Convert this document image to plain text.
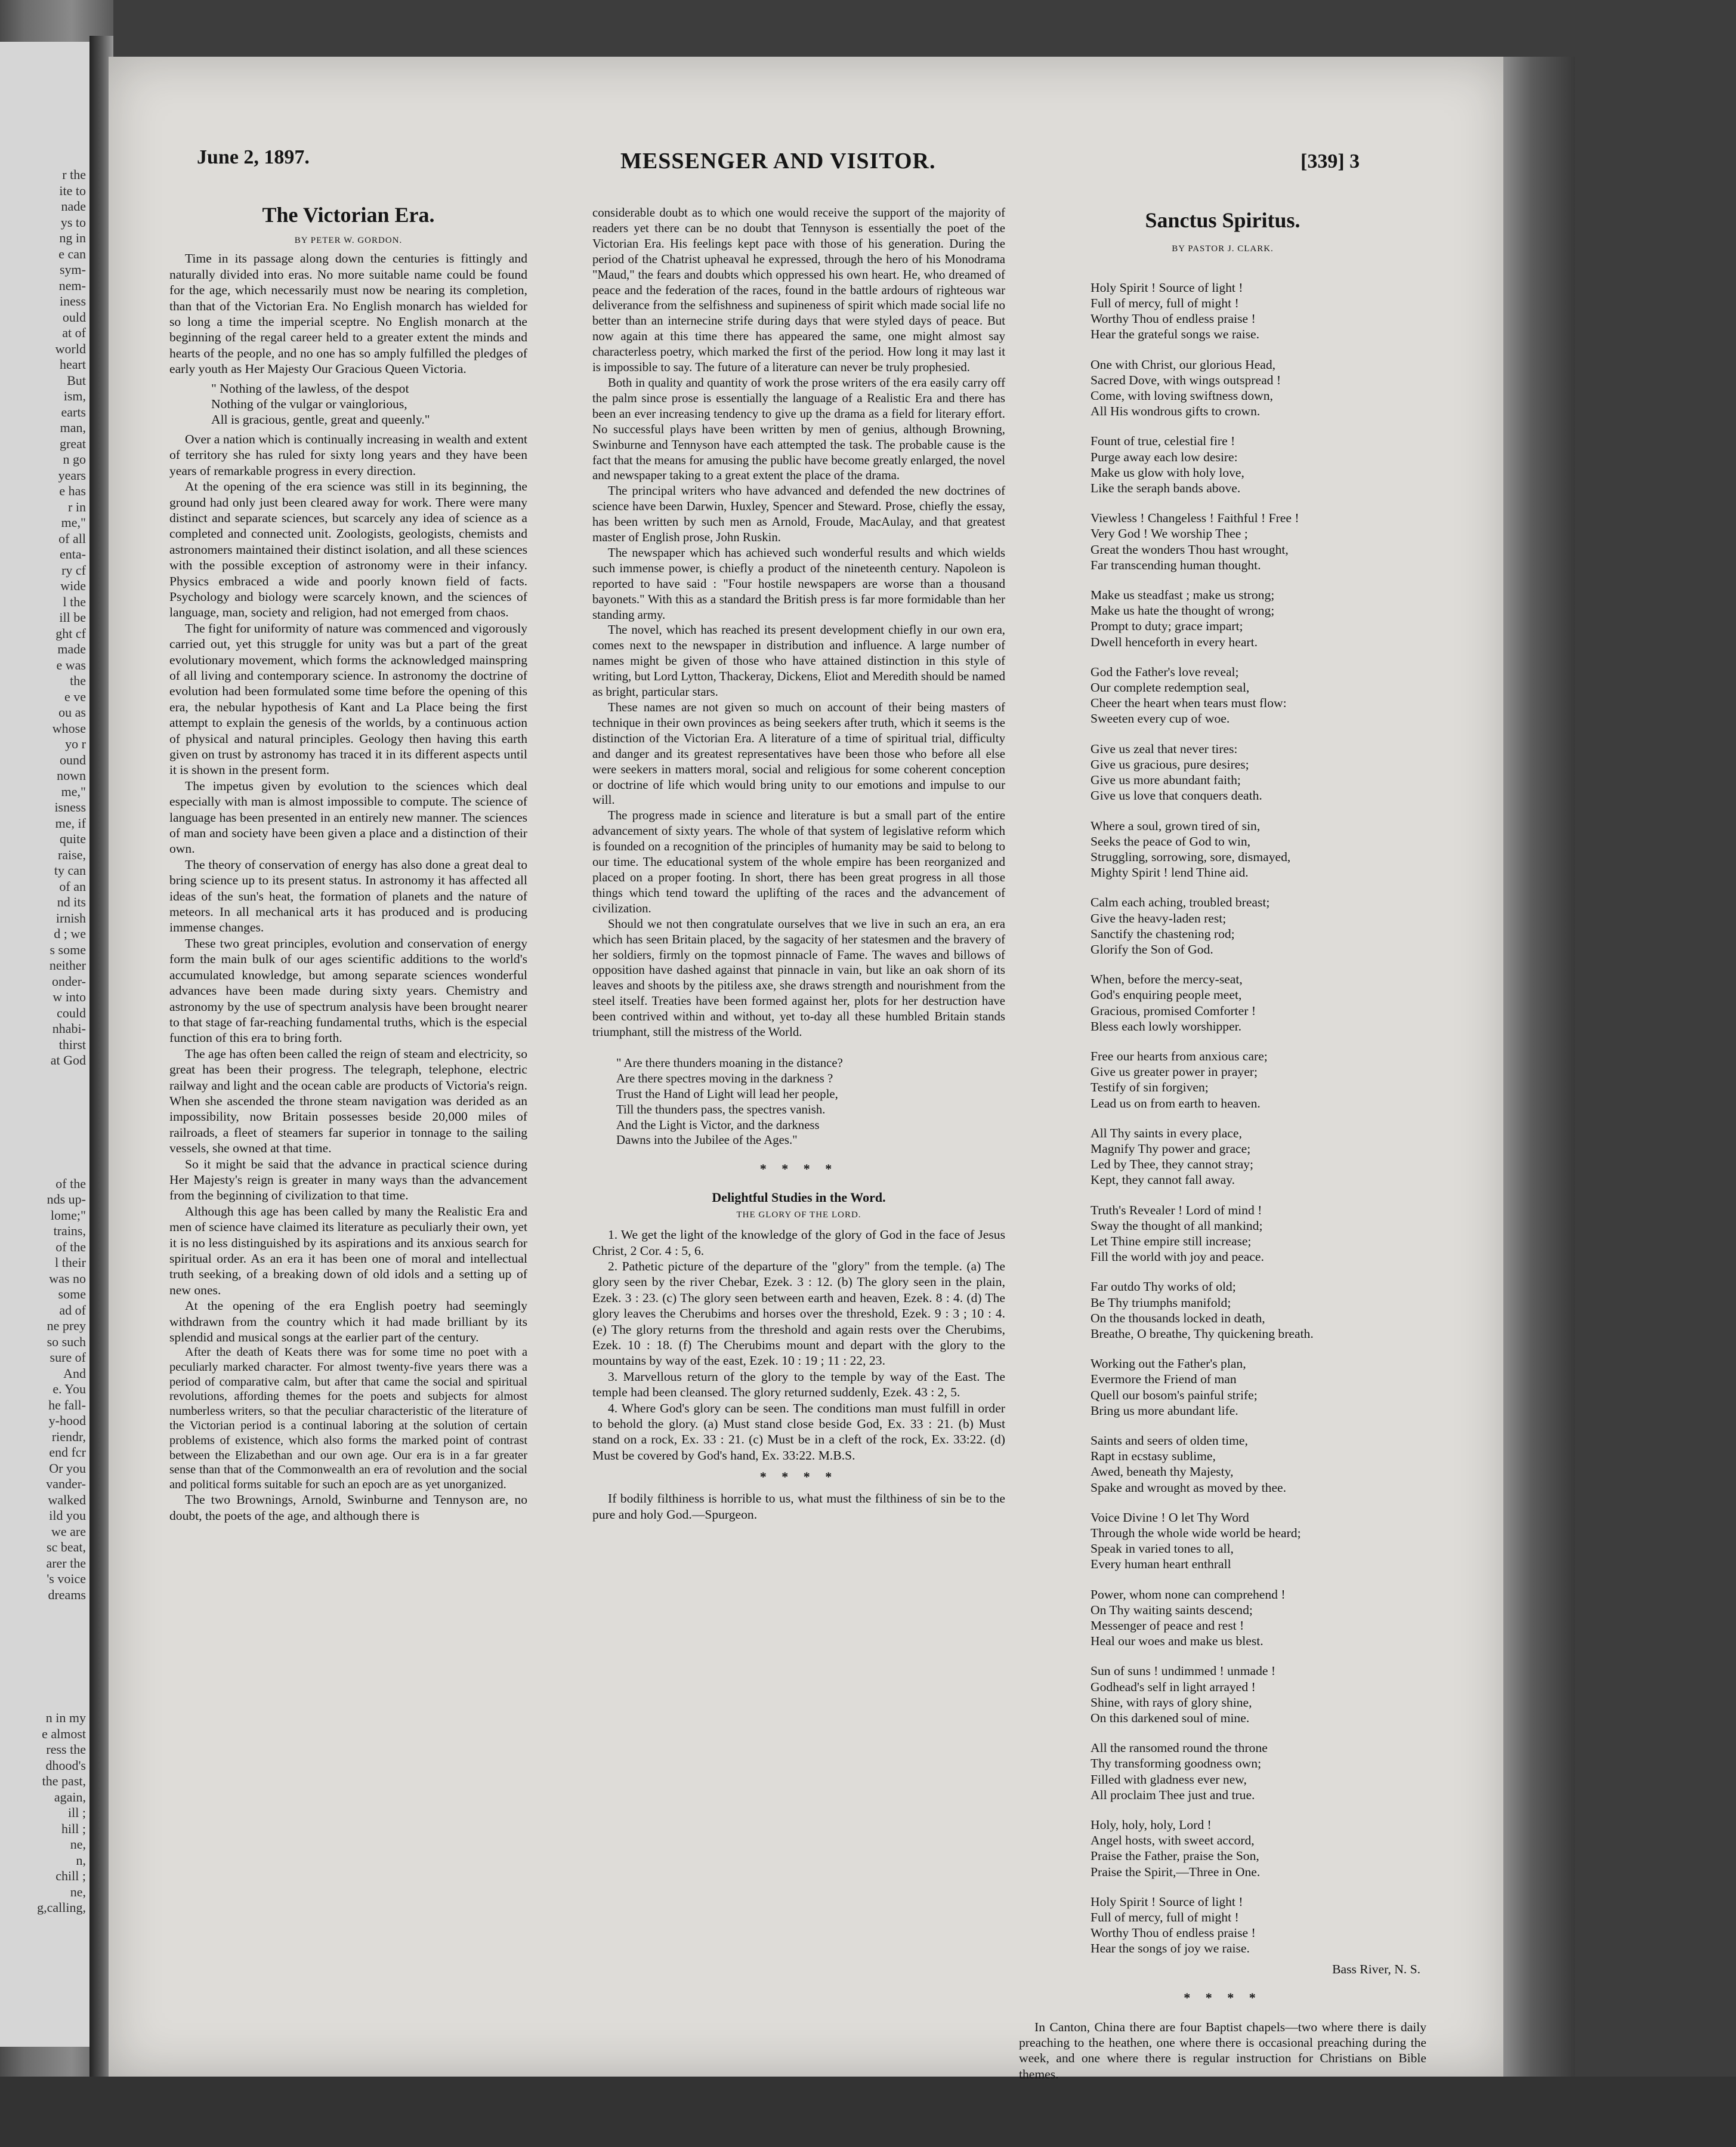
r the
ite to
nade
ys to
ng in
e can
sym-
nem-
iness
ould
at of
world
heart
But
ism,
earts
man,
great
n go
years
e has
r in
me,"
of all
enta-
ry cf
wide
l the
ill be
ght cf
made
e was
the
e ve
ou as
whose
yo r
ound
nown
me,"
isness
me, if
quite
raise,
ty can
of an
nd its
irnish
d ; we
s some
neither
onder-
w into
could
nhabi-
thirst
at God
of the
nds up-
lome;"
trains,
of the
l their
was no
some
ad of
ne prey
so such
sure of
And
e. You
he fall-
y-hood
riendr,
end fcr
Or you
vander-
walked
ild you
we are
sc beat,
arer the
's voice
dreams
n in my
e almost
ress the
dhood's
the past,
again,
ill ;
hill ;
ne,
n,
chill ;
ne,
g,calling,
June 2, 1897.	MESSENGER AND VISITOR.	[339] 3
The Victorian Era.
BY PETER W. GORDON.

Time in its passage along down the centuries is fittingly and naturally divided into eras. No more suitable name could be found for the age, which necessarily must now be nearing its completion, than that of the Victorian Era. No English monarch has wielded for so long a time the imperial sceptre. No English monarch at the beginning of the regal career held to a greater extent the minds and hearts of the people, and no one has so amply fulfilled the pledges of early youth as Her Majesty Our Gracious Queen Victoria.

" Nothing of the lawless, of the despot
Nothing of the vulgar or vainglorious,
All is gracious, gentle, great and queenly."

Over a nation which is continually increasing in wealth and extent of territory she has ruled for sixty long years and they have been years of remarkable progress in every direction.

At the opening of the era science was still in its beginning, the ground had only just been cleared away for work. There were many distinct and separate sciences, but scarcely any idea of science as a completed and connected unit. Zoologists, geologists, chemists and astronomers maintained their distinct isolation, and all these sciences with the possible exception of astronomy were in their infancy. Physics embraced a wide and poorly known field of facts. Psychology and biology were scarcely known, and the sciences of language, man, society and religion, had not emerged from chaos.

The fight for uniformity of nature was commenced and vigorously carried out, yet this struggle for unity was but a part of the great evolutionary movement, which forms the acknowledged mainspring of all living and contemporary science. In astronomy the doctrine of evolution had been formulated some time before the opening of this era, the nebular hypothesis of Kant and La Place being the first attempt to explain the genesis of the worlds, by a continuous action of physical and natural principles. Geology then having this earth given on trust by astronomy has traced it in its different aspects until it is shown in the present form.

The impetus given by evolution to the sciences which deal especially with man is almost impossible to compute. The science of language has been presented in an entirely new manner. The sciences of man and society have been given a place and a distinction of their own.

The theory of conservation of energy has also done a great deal to bring science up to its present status. In astronomy it has affected all ideas of the sun's heat, the formation of planets and the nature of meteors. In all mechanical arts it has produced and is producing immense changes.

These two great principles, evolution and conservation of energy form the main bulk of our ages scientific additions to the world's accumulated knowledge, but among separate sciences wonderful advances have been made during sixty years. Chemistry and astronomy by the use of spectrum analysis have been brought nearer to that stage of far-reaching fundamental truths, which is the especial function of this era to bring forth.

The age has often been called the reign of steam and electricity, so great has been their progress. The telegraph, telephone, electric railway and light and the ocean cable are products of Victoria's reign. When she ascended the throne steam navigation was derided as an impossibility, now Britain possesses beside 20,000 miles of railroads, a fleet of steamers far superior in tonnage to the sailing vessels, she owned at that time.

So it might be said that the advance in practical science during Her Majesty's reign is greater in many ways than the advancement from the beginning of civilization to that time.

Although this age has been called by many the Realistic Era and men of science have claimed its literature as peculiarly their own, yet it is no less distinguished by its aspirations and its anxious search for spiritual order. As an era it has been one of moral and intellectual truth seeking, of a breaking down of old idols and a setting up of new ones.

At the opening of the era English poetry had seemingly withdrawn from the country which it had made brilliant by its splendid and musical songs at the earlier part of the century.

After the death of Keats there was for some time no poet with a peculiarly marked character. For almost twenty-five years there was a period of comparative calm, but after that came the social and spiritual revolutions, affording themes for the poets and subjects for almost numberless writers, so that the peculiar characteristic of the literature of the Victorian period is a continual laboring at the solution of certain problems of existence, which also forms the marked point of contrast between the Elizabethan and our own age. Our era is in a far greater sense than that of the Commonwealth an era of revolution and the social and political forms suitable for such an epoch are as yet unorganized.

The two Brownings, Arnold, Swinburne and Tennyson are, no doubt, the poets of the age, and although there is

considerable doubt as to which one would receive the support of the majority of readers yet there can be no doubt that Tennyson is essentially the poet of the Victorian Era. His feelings kept pace with those of his generation. During the period of the Chatrist upheaval he expressed, through the hero of his Monodrama "Maud," the fears and doubts which oppressed his own heart. He, who dreamed of peace and the federation of the races, found in the battle ardours of righteous war deliverance from the selfishness and supineness of spirit which made social life no better than an internecine strife during days that were styled days of peace. But now again at this time there has appeared the same, one might almost say characterless poetry, which marked the first of the period. How long it may last it is impossible to say. The future of a literature can never be truly prophesied.

Both in quality and quantity of work the prose writers of the era easily carry off the palm since prose is essentially the language of a Realistic Era and there has been an ever increasing tendency to give up the drama as a field for literary effort. No successful plays have been written by men of genius, although Browning, Swinburne and Tennyson have each attempted the task. The probable cause is the fact that the means for amusing the public have become greatly enlarged, the novel and newspaper taking to a great extent the place of the drama.

The principal writers who have advanced and defended the new doctrines of science have been Darwin, Huxley, Spencer and Steward. Prose, chiefly the essay, has been written by such men as Arnold, Froude, MacAulay, and that greatest master of English prose, John Ruskin.

The newspaper which has achieved such wonderful results and which wields such immense power, is chiefly a product of the nineteenth century. Napoleon is reported to have said : "Four hostile newspapers are worse than a thousand bayonets." With this as a standard the British press is far more formidable than her standing army.

The novel, which has reached its present development chiefly in our own era, comes next to the newspaper in distribution and influence. A large number of names might be given of those who have attained distinction in this style of writing, but Lord Lytton, Thackeray, Dickens, Eliot and Meredith should be named as bright, particular stars.

These names are not given so much on account of their being masters of technique in their own provinces as being seekers after truth, which it seems is the distinction of the Victorian Era. A literature of a time of spiritual trial, difficulty and danger and its greatest representatives have been those who before all else were seekers in matters moral, social and religious for some coherent conception or doctrine of life which would bring unity to our emotions and impulse to our will.

The progress made in science and literature is but a small part of the entire advancement of sixty years. The whole of that system of legislative reform which is founded on a recognition of the principles of humanity may be said to belong to our time. The educational system of the whole empire has been reorganized and placed on a proper footing. In short, there has been great progress in all those things which tend toward the uplifting of the races and the advancement of civilization.

Should we not then congratulate ourselves that we live in such an era, an era which has seen Britain placed, by the sagacity of her statesmen and the bravery of her soldiers, firmly on the topmost pinnacle of Fame. The waves and billows of opposition have dashed against that pinnacle in vain, but like an oak shorn of its leaves and shoots by the pitiless axe, she draws strength and nourishment from the steel itself. Treaties have been formed against her, plots for her destruction have been contrived within and without, yet to-day all these humbled Britain stands triumphant, still the mistress of the World.

" Are there thunders moaning in the distance?
Are there spectres moving in the darkness ?
Trust the Hand of Light will lead her people,
Till the thunders pass, the spectres vanish.
And the Light is Victor, and the darkness
Dawns into the Jubilee of the Ages."
* * * *
Delightful Studies in the Word.
THE GLORY OF THE LORD.

1. We get the light of the knowledge of the glory of God in the face of Jesus Christ, 2 Cor. 4 : 5, 6.

2. Pathetic picture of the departure of the "glory" from the temple. (a) The glory seen by the river Chebar, Ezek. 3 : 12. (b) The glory seen in the plain, Ezek. 3 : 23. (c) The glory seen between earth and heaven, Ezek. 8 : 4. (d) The glory leaves the Cherubims and horses over the threshold, Ezek. 9 : 3 ; 10 : 4. (e) The glory returns from the threshold and again rests over the Cherubims, Ezek. 10 : 18. (f) The Cherubims mount and depart with the glory to the mountains by way of the east, Ezek. 10 : 19 ; 11 : 22, 23.

3. Marvellous return of the glory to the temple by way of the East. The temple had been cleansed. The glory returned suddenly, Ezek. 43 : 2, 5.

4. Where God's glory can be seen. The conditions man must fulfill in order to behold the glory. (a) Must stand close beside God, Ex. 33 : 21. (b) Must stand on a rock, Ex. 33 : 21. (c) Must be in a cleft of the rock, Ex. 33:22. (d) Must be covered by God's hand, Ex. 33:22. M.B.S.

* * * *

If bodily filthiness is horrible to us, what must the filthiness of sin be to the pure and holy God.—Spurgeon.

Sanctus Spiritus.
BY PASTOR J. CLARK.
Holy Spirit ! Source of light !
Full of mercy, full of might !
Worthy Thou of endless praise !
Hear the grateful songs we raise.
One with Christ, our glorious Head,
Sacred Dove, with wings outspread !
Come, with loving swiftness down,
All His wondrous gifts to crown.
Fount of true, celestial fire !
Purge away each low desire:
Make us glow with holy love,
Like the seraph bands above.
Viewless ! Changeless ! Faithful ! Free !
Very God ! We worship Thee ;
Great the wonders Thou hast wrought,
Far transcending human thought.
Make us steadfast ; make us strong;
Make us hate the thought of wrong;
Prompt to duty; grace impart;
Dwell henceforth in every heart.
God the Father's love reveal;
Our complete redemption seal,
Cheer the heart when tears must flow:
Sweeten every cup of woe.
Give us zeal that never tires:
Give us gracious, pure desires;
Give us more abundant faith;
Give us love that conquers death.
Where a soul, grown tired of sin,
Seeks the peace of God to win,
Struggling, sorrowing, sore, dismayed,
Mighty Spirit ! lend Thine aid.
Calm each aching, troubled breast;
Give the heavy-laden rest;
Sanctify the chastening rod;
Glorify the Son of God.
When, before the mercy-seat,
God's enquiring people meet,
Gracious, promised Comforter !
Bless each lowly worshipper.
Free our hearts from anxious care;
Give us greater power in prayer;
Testify of sin forgiven;
Lead us on from earth to heaven.
All Thy saints in every place,
Magnify Thy power and grace;
Led by Thee, they cannot stray;
Kept, they cannot fall away.
Truth's Revealer ! Lord of mind !
Sway the thought of all mankind;
Let Thine empire still increase;
Fill the world with joy and peace.
Far outdo Thy works of old;
Be Thy triumphs manifold;
On the thousands locked in death,
Breathe, O breathe, Thy quickening breath.
Working out the Father's plan,
Evermore the Friend of man
Quell our bosom's painful strife;
Bring us more abundant life.
Saints and seers of olden time,
Rapt in ecstasy sublime,
Awed, beneath thy Majesty,
Spake and wrought as moved by thee.
Voice Divine ! O let Thy Word
Through the whole wide world be heard;
Speak in varied tones to all,
Every human heart enthrall
Power, whom none can comprehend !
On Thy waiting saints descend;
Messenger of peace and rest !
Heal our woes and make us blest.
Sun of suns ! undimmed ! unmade !
Godhead's self in light arrayed !
Shine, with rays of glory shine,
On this darkened soul of mine.
All the ransomed round the throne
Thy transforming goodness own;
Filled with gladness ever new,
All proclaim Thee just and true.
Holy, holy, holy, Lord !
Angel hosts, with sweet accord,
Praise the Father, praise the Son,
Praise the Spirit,—Three in One.
Holy Spirit ! Source of light !
Full of mercy, full of might !
Worthy Thou of endless praise !
Hear the songs of joy we raise.
Bass River, N. S.
* * * *

In Canton, China there are four Baptist chapels—two where there is daily preaching to the heathen, one where there is occasional preaching during the week, and one where there is regular instruction for Christians on Bible themes.
